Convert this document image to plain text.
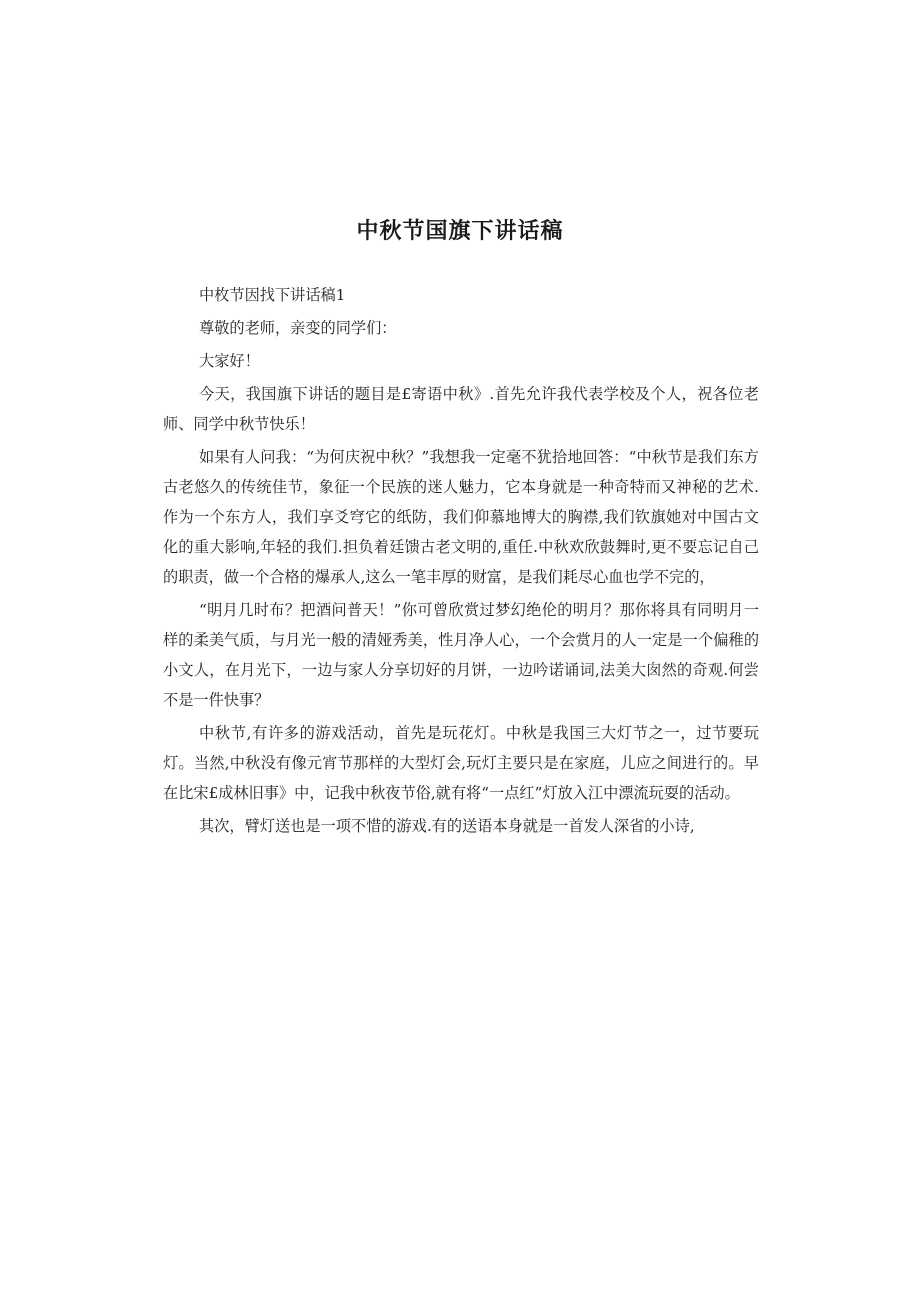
中秋节国旗下讲话稿

中枚节因找下讲话稿1

尊敬的老师，亲变的同学们：

大家好！

今天，我国旗下讲话的题目是£寄语中秋》.首先允许我代表学校及个人，祝各位老师、同学中秋节快乐！

如果有人问我：“为何庆祝中秋？”我想我一定毫不犹拾地回答：“中秋节是我们东方古老悠久的传统佳节，象征一个民族的迷人魅力，它本身就是一种奇特而又神秘的艺术.作为一个东方人，我们享爻穹它的纸防，我们仰慕地博大的胸襟,我们钦旗她对中国古文化的重大影响,年轻的我们.担负着廷馈古老文明的,重任.中秋欢欣鼓舞时,更不要忘记自己的职责，做一个合格的爆承人,这么一笔丰厚的财富，是我们耗尽心血也学不完的，

“明月几时布？把酒问普天！”你可曾欣赏过梦幻绝伦的明月？那你将具有同明月一样的柔美气质，与月光一般的清娅秀美，性月净人心，一个会赏月的人一定是一个偏稚的小文人，在月光下，一边与家人分享切好的月饼，一边吟诺诵词,法美大囱然的奇观.何尝不是一件快事？

中秋节,有许多的游戏活动，首先是玩花灯。中秋是我国三大灯节之一，过节要玩灯。当然,中秋没有像元宵节那样的大型灯会,玩灯主要只是在家庭，儿应之间进行的。早在比宋£成林旧事》中，记我中秋夜节俗,就有将“一点红”灯放入江中漂流玩耍的活动。

其次，臂灯送也是一项不惜的游戏.有的送语本身就是一首发人深省的小诗,
